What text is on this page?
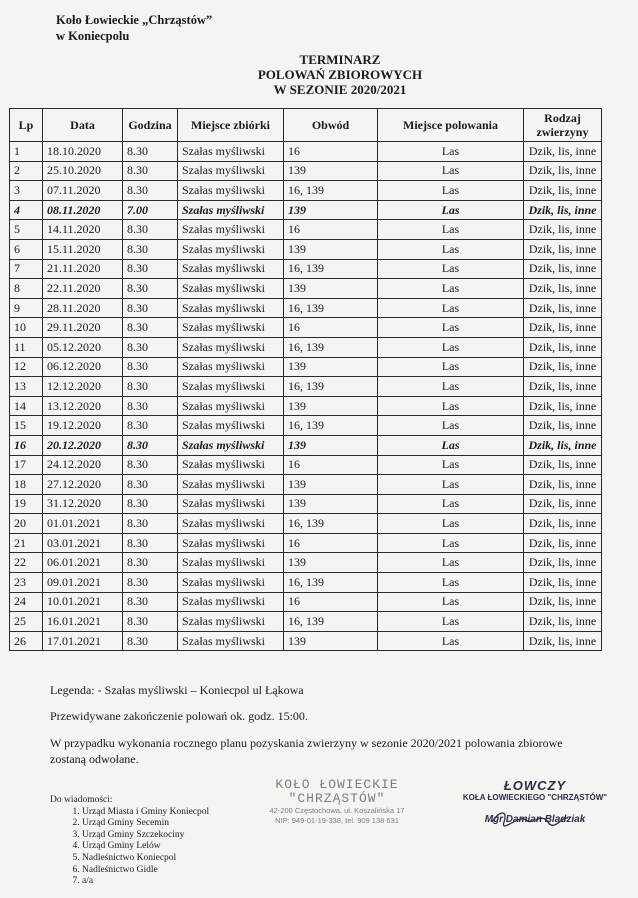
Koło Łowieckie „Chrząstów”
w Koniecpolu
TERMINARZ
POLOWAŃ ZBIOROWYCH
W SEZONIE 2020/2021
Lp	Data	Godzina	Miejsce zbiórki	Obwód	Miejsce polowania	Rodzaj zwierzyny
1	18.10.2020	8.30	Szałas myśliwski	16	Las	Dzik, lis, inne
2	25.10.2020	8.30	Szałas myśliwski	139	Las	Dzik, lis, inne
3	07.11.2020	8.30	Szałas myśliwski	16, 139	Las	Dzik, lis, inne
4	08.11.2020	7.00	Szałas myśliwski	139	Las	Dzik, lis, inne
5	14.11.2020	8.30	Szałas myśliwski	16	Las	Dzik, lis, inne
6	15.11.2020	8.30	Szałas myśliwski	139	Las	Dzik, lis, inne
7	21.11.2020	8.30	Szałas myśliwski	16, 139	Las	Dzik, lis, inne
8	22.11.2020	8.30	Szałas myśliwski	139	Las	Dzik, lis, inne
9	28.11.2020	8.30	Szałas myśliwski	16, 139	Las	Dzik, lis, inne
10	29.11.2020	8.30	Szałas myśliwski	16	Las	Dzik, lis, inne
11	05.12.2020	8.30	Szałas myśliwski	16, 139	Las	Dzik, lis, inne
12	06.12.2020	8.30	Szałas myśliwski	139	Las	Dzik, lis, inne
13	12.12.2020	8.30	Szałas myśliwski	16, 139	Las	Dzik, lis, inne
14	13.12.2020	8.30	Szałas myśliwski	139	Las	Dzik, lis, inne
15	19.12.2020	8.30	Szałas myśliwski	16, 139	Las	Dzik, lis, inne
16	20.12.2020	8.30	Szałas myśliwski	139	Las	Dzik, lis, inne
17	24.12.2020	8.30	Szałas myśliwski	16	Las	Dzik, lis, inne
18	27.12.2020	8.30	Szałas myśliwski	139	Las	Dzik, lis, inne
19	31.12.2020	8.30	Szałas myśliwski	139	Las	Dzik, lis, inne
20	01.01.2021	8.30	Szałas myśliwski	16, 139	Las	Dzik, lis, inne
21	03.01.2021	8.30	Szałas myśliwski	16	Las	Dzik, lis, inne
22	06.01.2021	8.30	Szałas myśliwski	139	Las	Dzik, lis, inne
23	09.01.2021	8.30	Szałas myśliwski	16, 139	Las	Dzik, lis, inne
24	10.01.2021	8.30	Szałas myśliwski	16	Las	Dzik, lis, inne
25	16.01.2021	8.30	Szałas myśliwski	16, 139	Las	Dzik, lis, inne
26	17.01.2021	8.30	Szałas myśliwski	139	Las	Dzik, lis, inne
Legenda: - Szałas myśliwski – Koniecpol ul Łąkowa
Przewidywane zakończenie polowań ok. godz. 15:00.
W przypadku wykonania rocznego planu pozyskania zwierzyny w sezonie 2020/2021 polowania zbiorowe zostaną odwołane.
Do wiadomości:
1. Urząd Miasta i Gminy Koniecpol
2. Urząd Gminy Secemin
3. Urząd Gminy Szczekociny
4. Urząd Gminy Lelów
5. Nadleśnictwo Koniecpol
6. Nadleśnictwo Gidle
7. a/a
KOŁO ŁOWIECKIE
"CHRZĄSTÓW"
42-200 Częstochowa, ul. Koszalińska 17
NIP: 949-01-19-338, tel. 909 138 631
ŁOWCZY
KOŁA ŁOWIECKIEGO "CHRZĄSTÓW"
Mgr Damian Bladziak
